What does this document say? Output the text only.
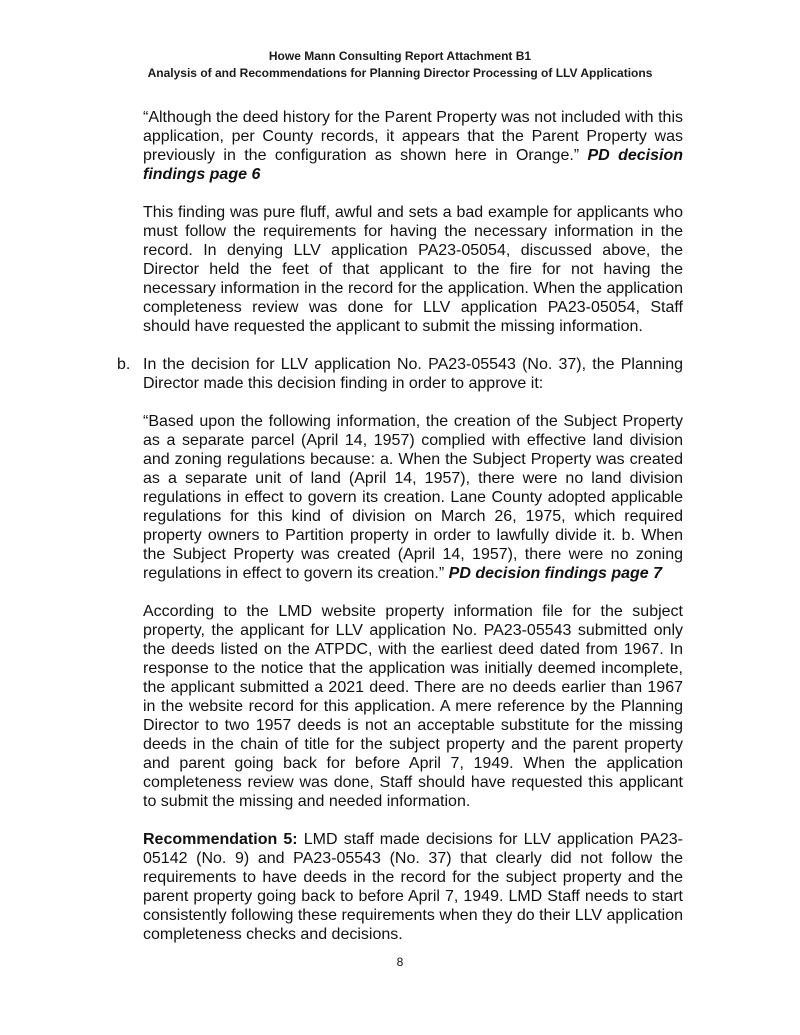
Howe Mann Consulting Report Attachment B1
Analysis of and Recommendations for Planning Director Processing of LLV Applications

“Although the deed history for the Parent Property was not included with this application, per County records, it appears that the Parent Property was previously in the configuration as shown here in Orange.” PD decision findings page 6

This finding was pure fluff, awful and sets a bad example for applicants who must follow the requirements for having the necessary information in the record. In denying LLV application PA23-05054, discussed above, the Director held the feet of that applicant to the fire for not having the necessary information in the record for the application. When the application completeness review was done for LLV application PA23-05054, Staff should have requested the applicant to submit the missing information.

b. In the decision for LLV application No. PA23-05543 (No. 37), the Planning Director made this decision finding in order to approve it:

“Based upon the following information, the creation of the Subject Property as a separate parcel (April 14, 1957) complied with effective land division and zoning regulations because: a. When the Subject Property was created as a separate unit of land (April 14, 1957), there were no land division regulations in effect to govern its creation. Lane County adopted applicable regulations for this kind of division on March 26, 1975, which required property owners to Partition property in order to lawfully divide it. b. When the Subject Property was created (April 14, 1957), there were no zoning regulations in effect to govern its creation.” PD decision findings page 7

According to the LMD website property information file for the subject property, the applicant for LLV application No. PA23-05543 submitted only the deeds listed on the ATPDC, with the earliest deed dated from 1967. In response to the notice that the application was initially deemed incomplete, the applicant submitted a 2021 deed. There are no deeds earlier than 1967 in the website record for this application. A mere reference by the Planning Director to two 1957 deeds is not an acceptable substitute for the missing deeds in the chain of title for the subject property and the parent property and parent going back for before April 7, 1949. When the application completeness review was done, Staff should have requested this applicant to submit the missing and needed information.

Recommendation 5: LMD staff made decisions for LLV application PA23-05142 (No. 9) and PA23-05543 (No. 37) that clearly did not follow the requirements to have deeds in the record for the subject property and the parent property going back to before April 7, 1949. LMD Staff needs to start consistently following these requirements when they do their LLV application completeness checks and decisions.

8
